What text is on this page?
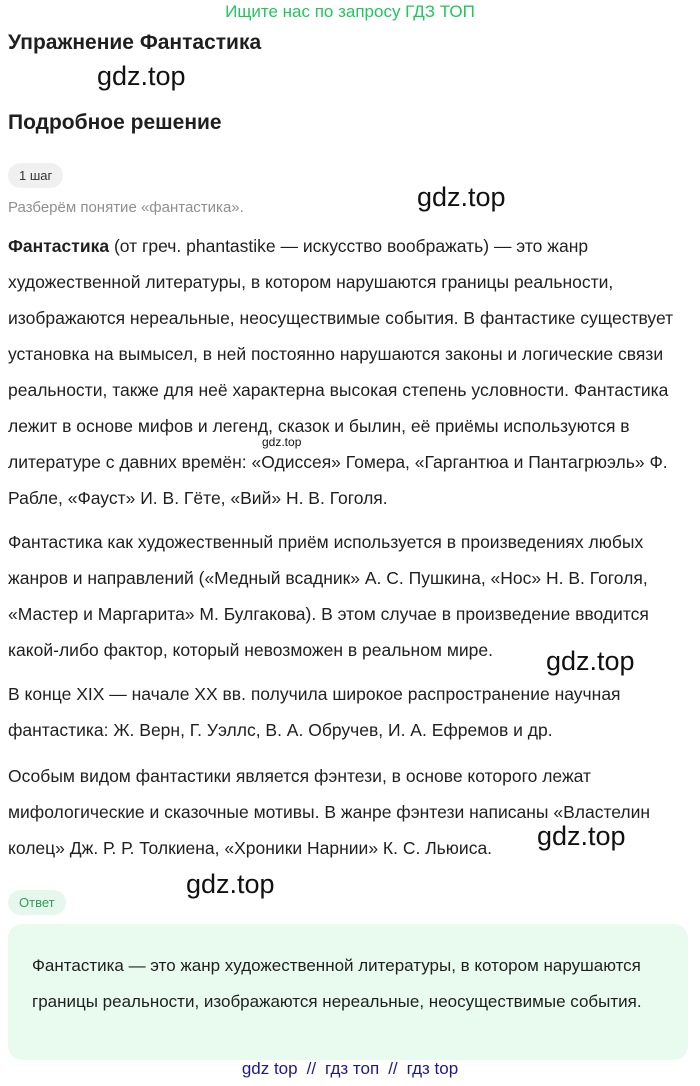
Ищите нас по запросу ГДЗ ТОП
Упражнение Фантастика
gdz.top
Подробное решение
1 шаг
gdz.top
Разберём понятие «фантастика».
Фантастика (от греч. phantastike — искусство воображать) — это жанр художественной литературы, в котором нарушаются границы реальности, изображаются нереальные, неосуществимые события. В фантастике существует установка на вымысел, в ней постоянно нарушаются законы и логические связи реальности, также для неё характерна высокая степень условности. Фантастика лежит в основе мифов и легенд, сказок и былин, её приёмы используются в литературе с давних времён: «Одиссея» Гомера, «Гаргантюа и Пантагрюэль» Ф. Рабле, «Фауст» И. В. Гёте, «Вий» Н. В. Гоголя.
gdz.top
Фантастика как художественный приём используется в произведениях любых жанров и направлений («Медный всадник» А. С. Пушкина, «Нос» Н. В. Гоголя, «Мастер и Маргарита» М. Булгакова). В этом случае в произведение вводится какой-либо фактор, который невозможен в реальном мире.	gdz.top
В конце XIX — начале XX вв. получила широкое распространение научная фантастика: Ж. Верн, Г. Уэллс, В. А. Обручев, И. А. Ефремов и др.
Особым видом фантастики является фэнтези, в основе которого лежат мифологические и сказочные мотивы. В жанре фэнтези написаны «Властелин колец» Дж. Р. Р. Толкиена, «Хроники Нарнии» К. С. Льюиса.	gdz.top
gdz.top
Ответ
Фантастика — это жанр художественной литературы, в котором нарушаются границы реальности, изображаются нереальные, неосуществимые события.
gdz top // гдз топ // гдз top
